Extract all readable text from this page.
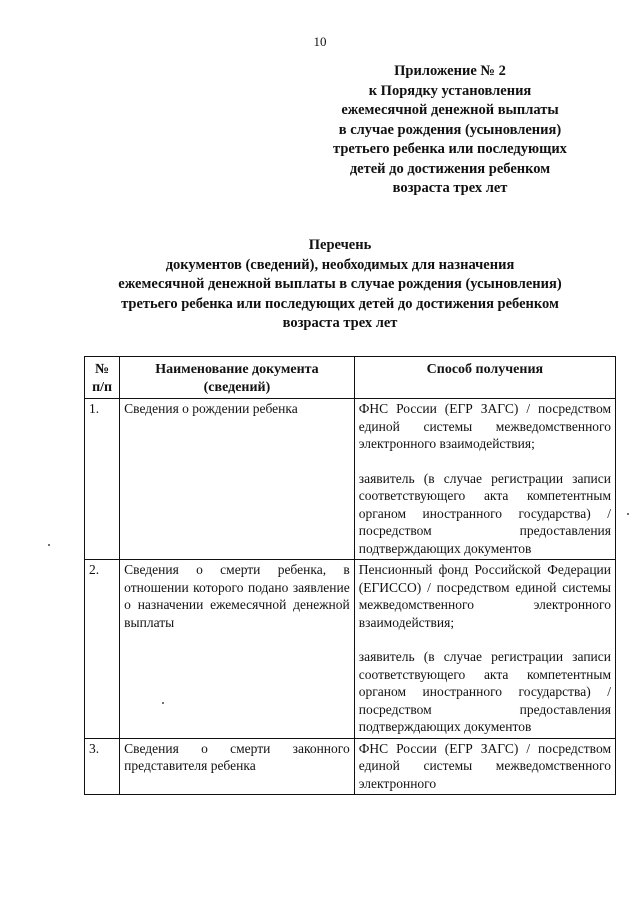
10
Приложение № 2
к Порядку установления
ежемесячной денежной выплаты
в случае рождения (усыновления)
третьего ребенка или последующих
детей до достижения ребенком
возраста трех лет
Перечень
документов (сведений), необходимых для назначения
ежемесячной денежной выплаты в случае рождения (усыновления)
третьего ребенка или последующих детей до достижения ребенком
возраста трех лет
№ п/п	Наименование документа (сведений)	Способ получения
1.	Сведения о рождении ребенка	ФНС России (ЕГР ЗАГС) / посредством единой системы межведомственного электронного взаимодействия;
заявитель (в случае регистрации записи соответствующего акта компетентным органом иностранного государства) / посредством предоставления подтверждающих документов

2.	Сведения о смерти ребенка, в отношении которого подано заявление о назначении ежемесячной денежной выплаты	Пенсионный фонд Российской Федерации (ЕГИССО) / посредством единой системы межведомственного электронного взаимодействия;
заявитель (в случае регистрации записи соответствующего акта компетентным органом иностранного государства) / посредством предоставления подтверждающих документов

3.	Сведения о смерти законного представителя ребенка	ФНС России (ЕГР ЗАГС) / посредством единой системы межведомственного электронного
